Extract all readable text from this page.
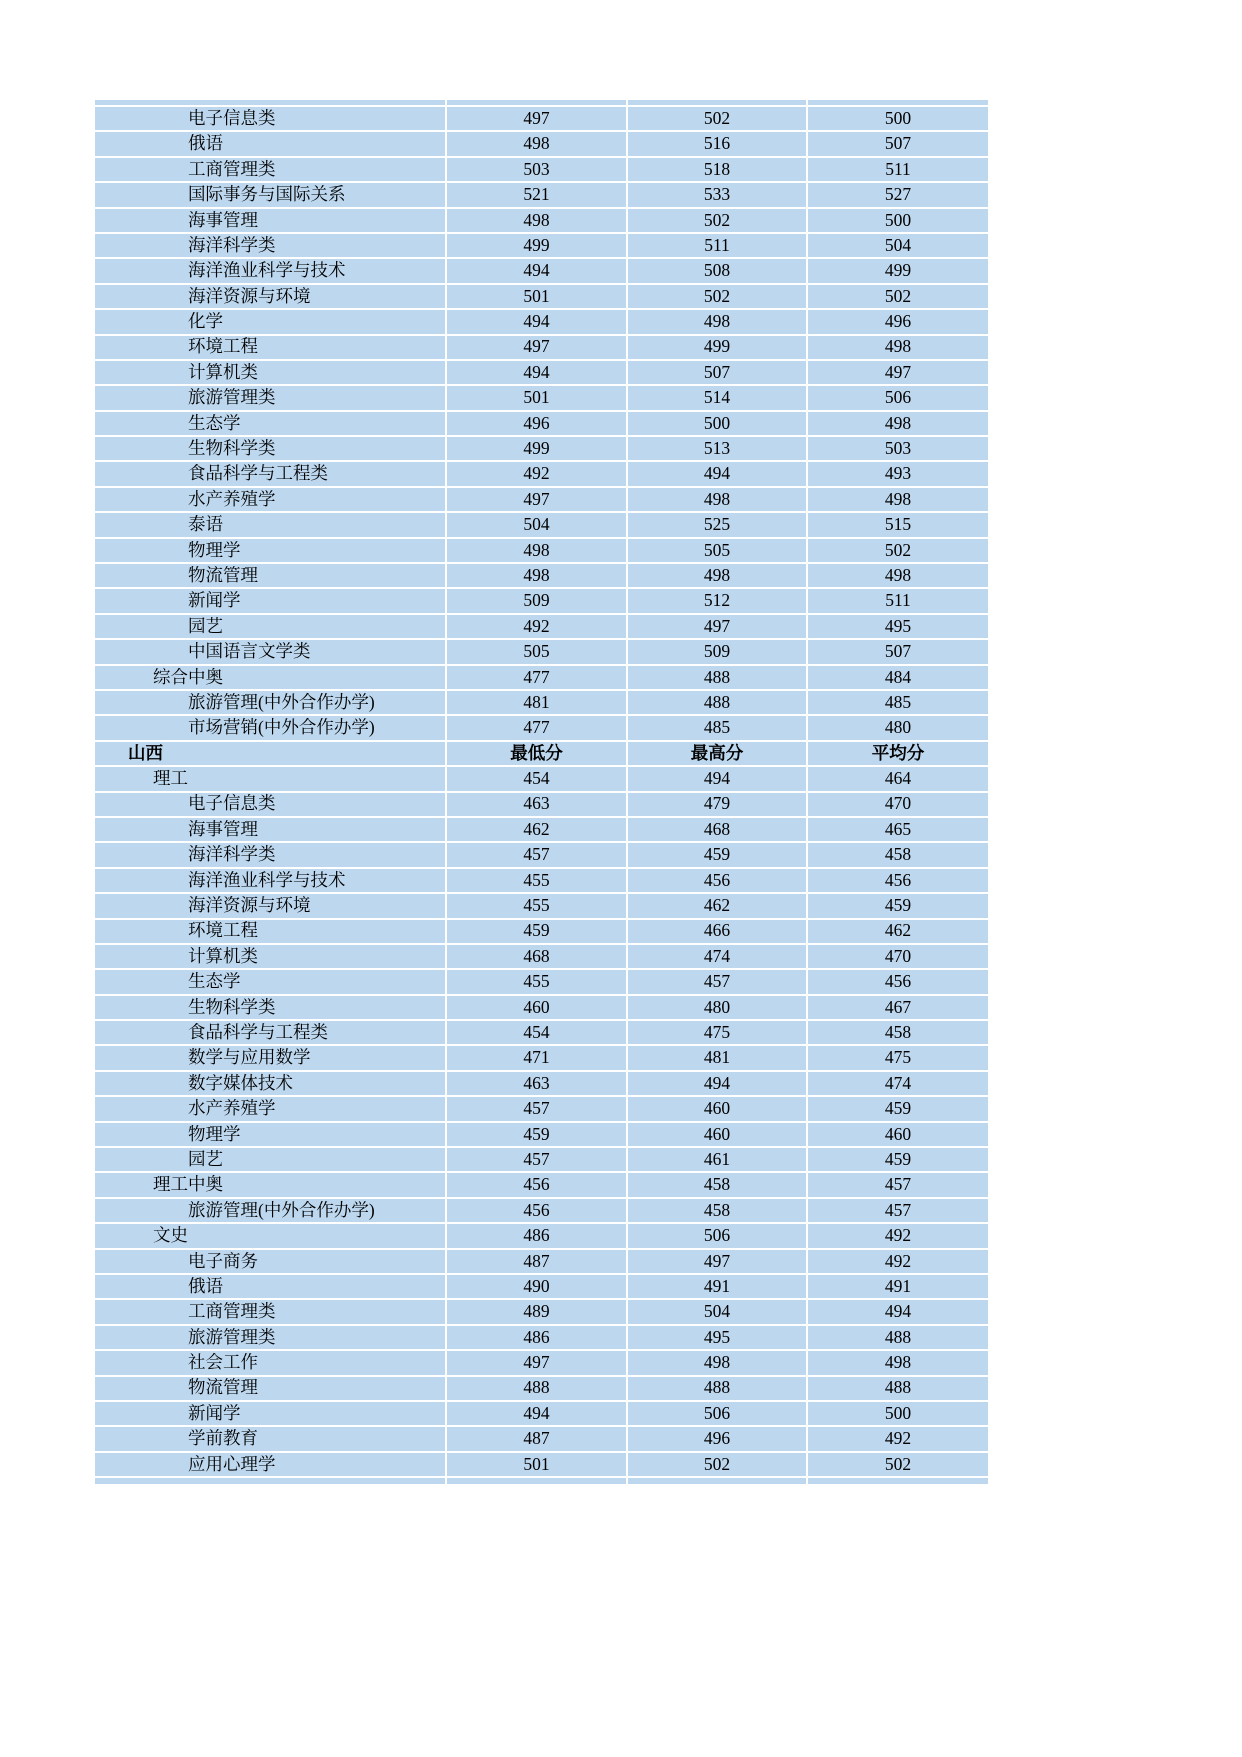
电子信息类	497	502	500
俄语	498	516	507
工商管理类	503	518	511
国际事务与国际关系	521	533	527
海事管理	498	502	500
海洋科学类	499	511	504
海洋渔业科学与技术	494	508	499
海洋资源与环境	501	502	502
化学	494	498	496
环境工程	497	499	498
计算机类	494	507	497
旅游管理类	501	514	506
生态学	496	500	498
生物科学类	499	513	503
食品科学与工程类	492	494	493
水产养殖学	497	498	498
泰语	504	525	515
物理学	498	505	502
物流管理	498	498	498
新闻学	509	512	511
园艺	492	497	495
中国语言文学类	505	509	507
综合中奥	477	488	484
旅游管理(中外合作办学)	481	488	485
市场营销(中外合作办学)	477	485	480
山西	最低分	最高分	平均分
理工	454	494	464
电子信息类	463	479	470
海事管理	462	468	465
海洋科学类	457	459	458
海洋渔业科学与技术	455	456	456
海洋资源与环境	455	462	459
环境工程	459	466	462
计算机类	468	474	470
生态学	455	457	456
生物科学类	460	480	467
食品科学与工程类	454	475	458
数学与应用数学	471	481	475
数字媒体技术	463	494	474
水产养殖学	457	460	459
物理学	459	460	460
园艺	457	461	459
理工中奥	456	458	457
旅游管理(中外合作办学)	456	458	457
文史	486	506	492
电子商务	487	497	492
俄语	490	491	491
工商管理类	489	504	494
旅游管理类	486	495	488
社会工作	497	498	498
物流管理	488	488	488
新闻学	494	506	500
学前教育	487	496	492
应用心理学	501	502	502
